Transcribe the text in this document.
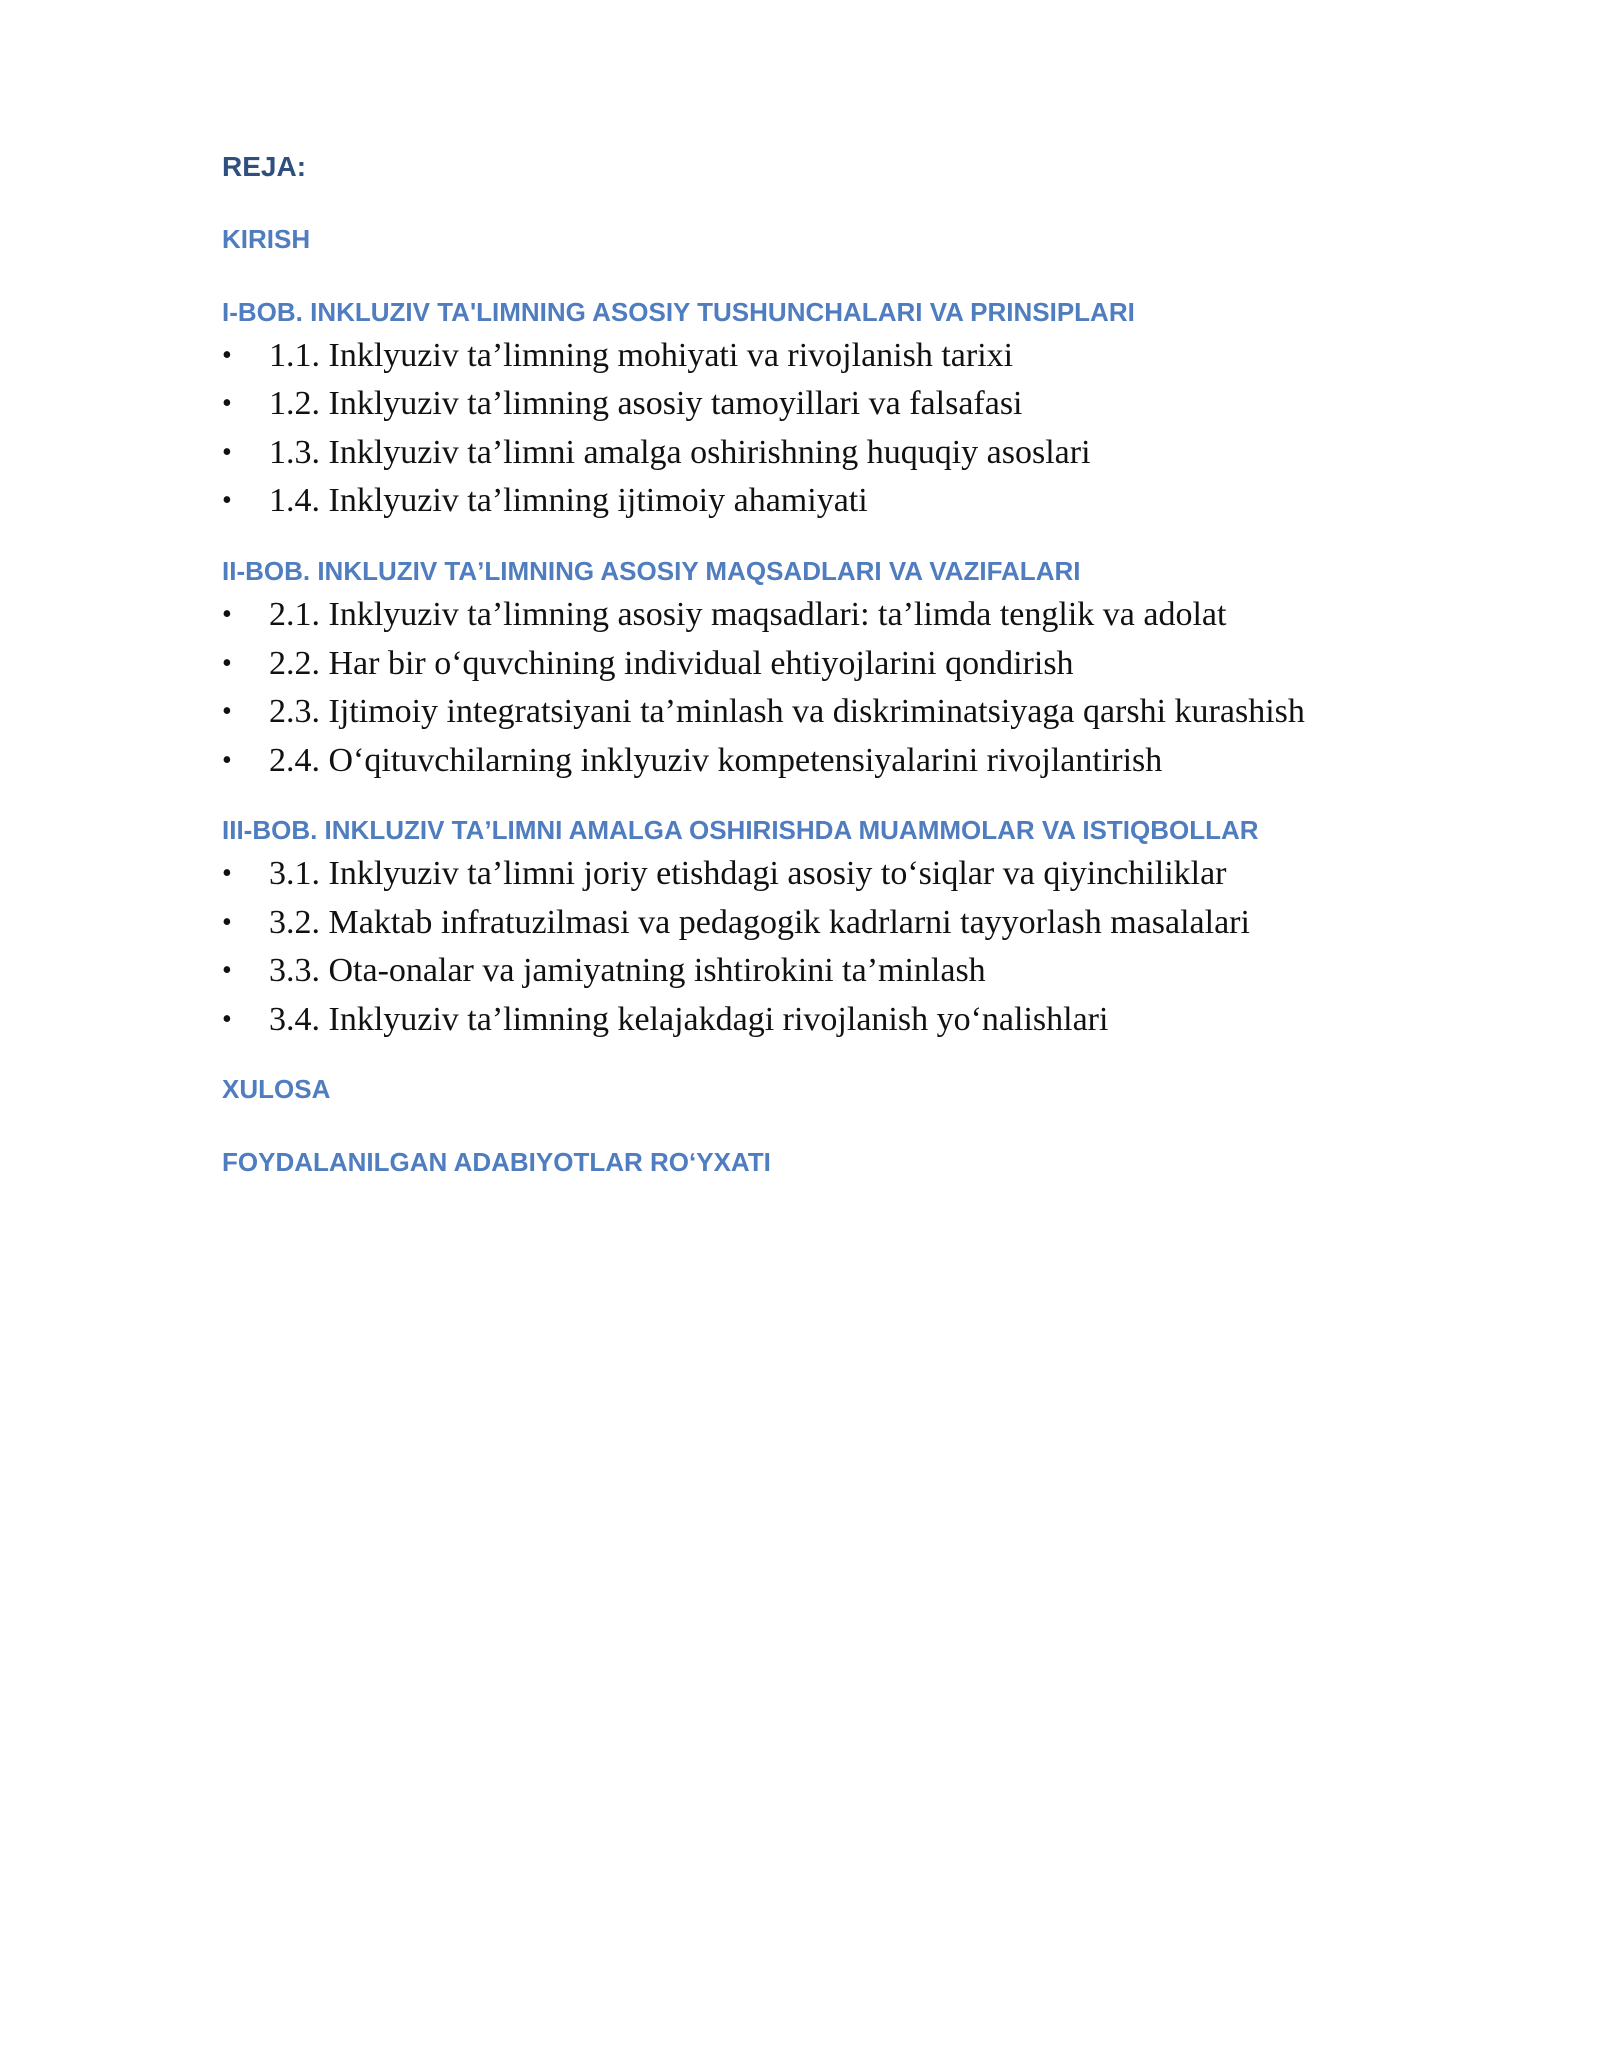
REJA:
KIRISH
I-BOB. INKLUZIV TA'LIMNING ASOSIY TUSHUNCHALARI VA PRINSIPLARI
• 1.1. Inklyuziv ta’limning mohiyati va rivojlanish tarixi
• 1.2. Inklyuziv ta’limning asosiy tamoyillari va falsafasi
• 1.3. Inklyuziv ta’limni amalga oshirishning huquqiy asoslari
• 1.4. Inklyuziv ta’limning ijtimoiy ahamiyati
II-BOB. INKLUZIV TAʼLIMNING ASOSIY MAQSADLARI VA VAZIFALARI
• 2.1. Inklyuziv ta’limning asosiy maqsadlari: ta’limda tenglik va adolat
• 2.2. Har bir o‘quvchining individual ehtiyojlarini qondirish
• 2.3. Ijtimoiy integratsiyani ta’minlash va diskriminatsiyaga qarshi kurashish
• 2.4. O‘qituvchilarning inklyuziv kompetensiyalarini rivojlantirish
III-BOB. INKLUZIV TAʼLIMNI AMALGA OSHIRISHDA MUAMMOLAR VA ISTIQBOLLAR
• 3.1. Inklyuziv ta’limni joriy etishdagi asosiy to‘siqlar va qiyinchiliklar
• 3.2. Maktab infratuzilmasi va pedagogik kadrlarni tayyorlash masalalari
• 3.3. Ota-onalar va jamiyatning ishtirokini ta’minlash
• 3.4. Inklyuziv ta’limning kelajakdagi rivojlanish yo‘nalishlari
XULOSA
FOYDALANILGAN ADABIYOTLAR ROʻYXATI
